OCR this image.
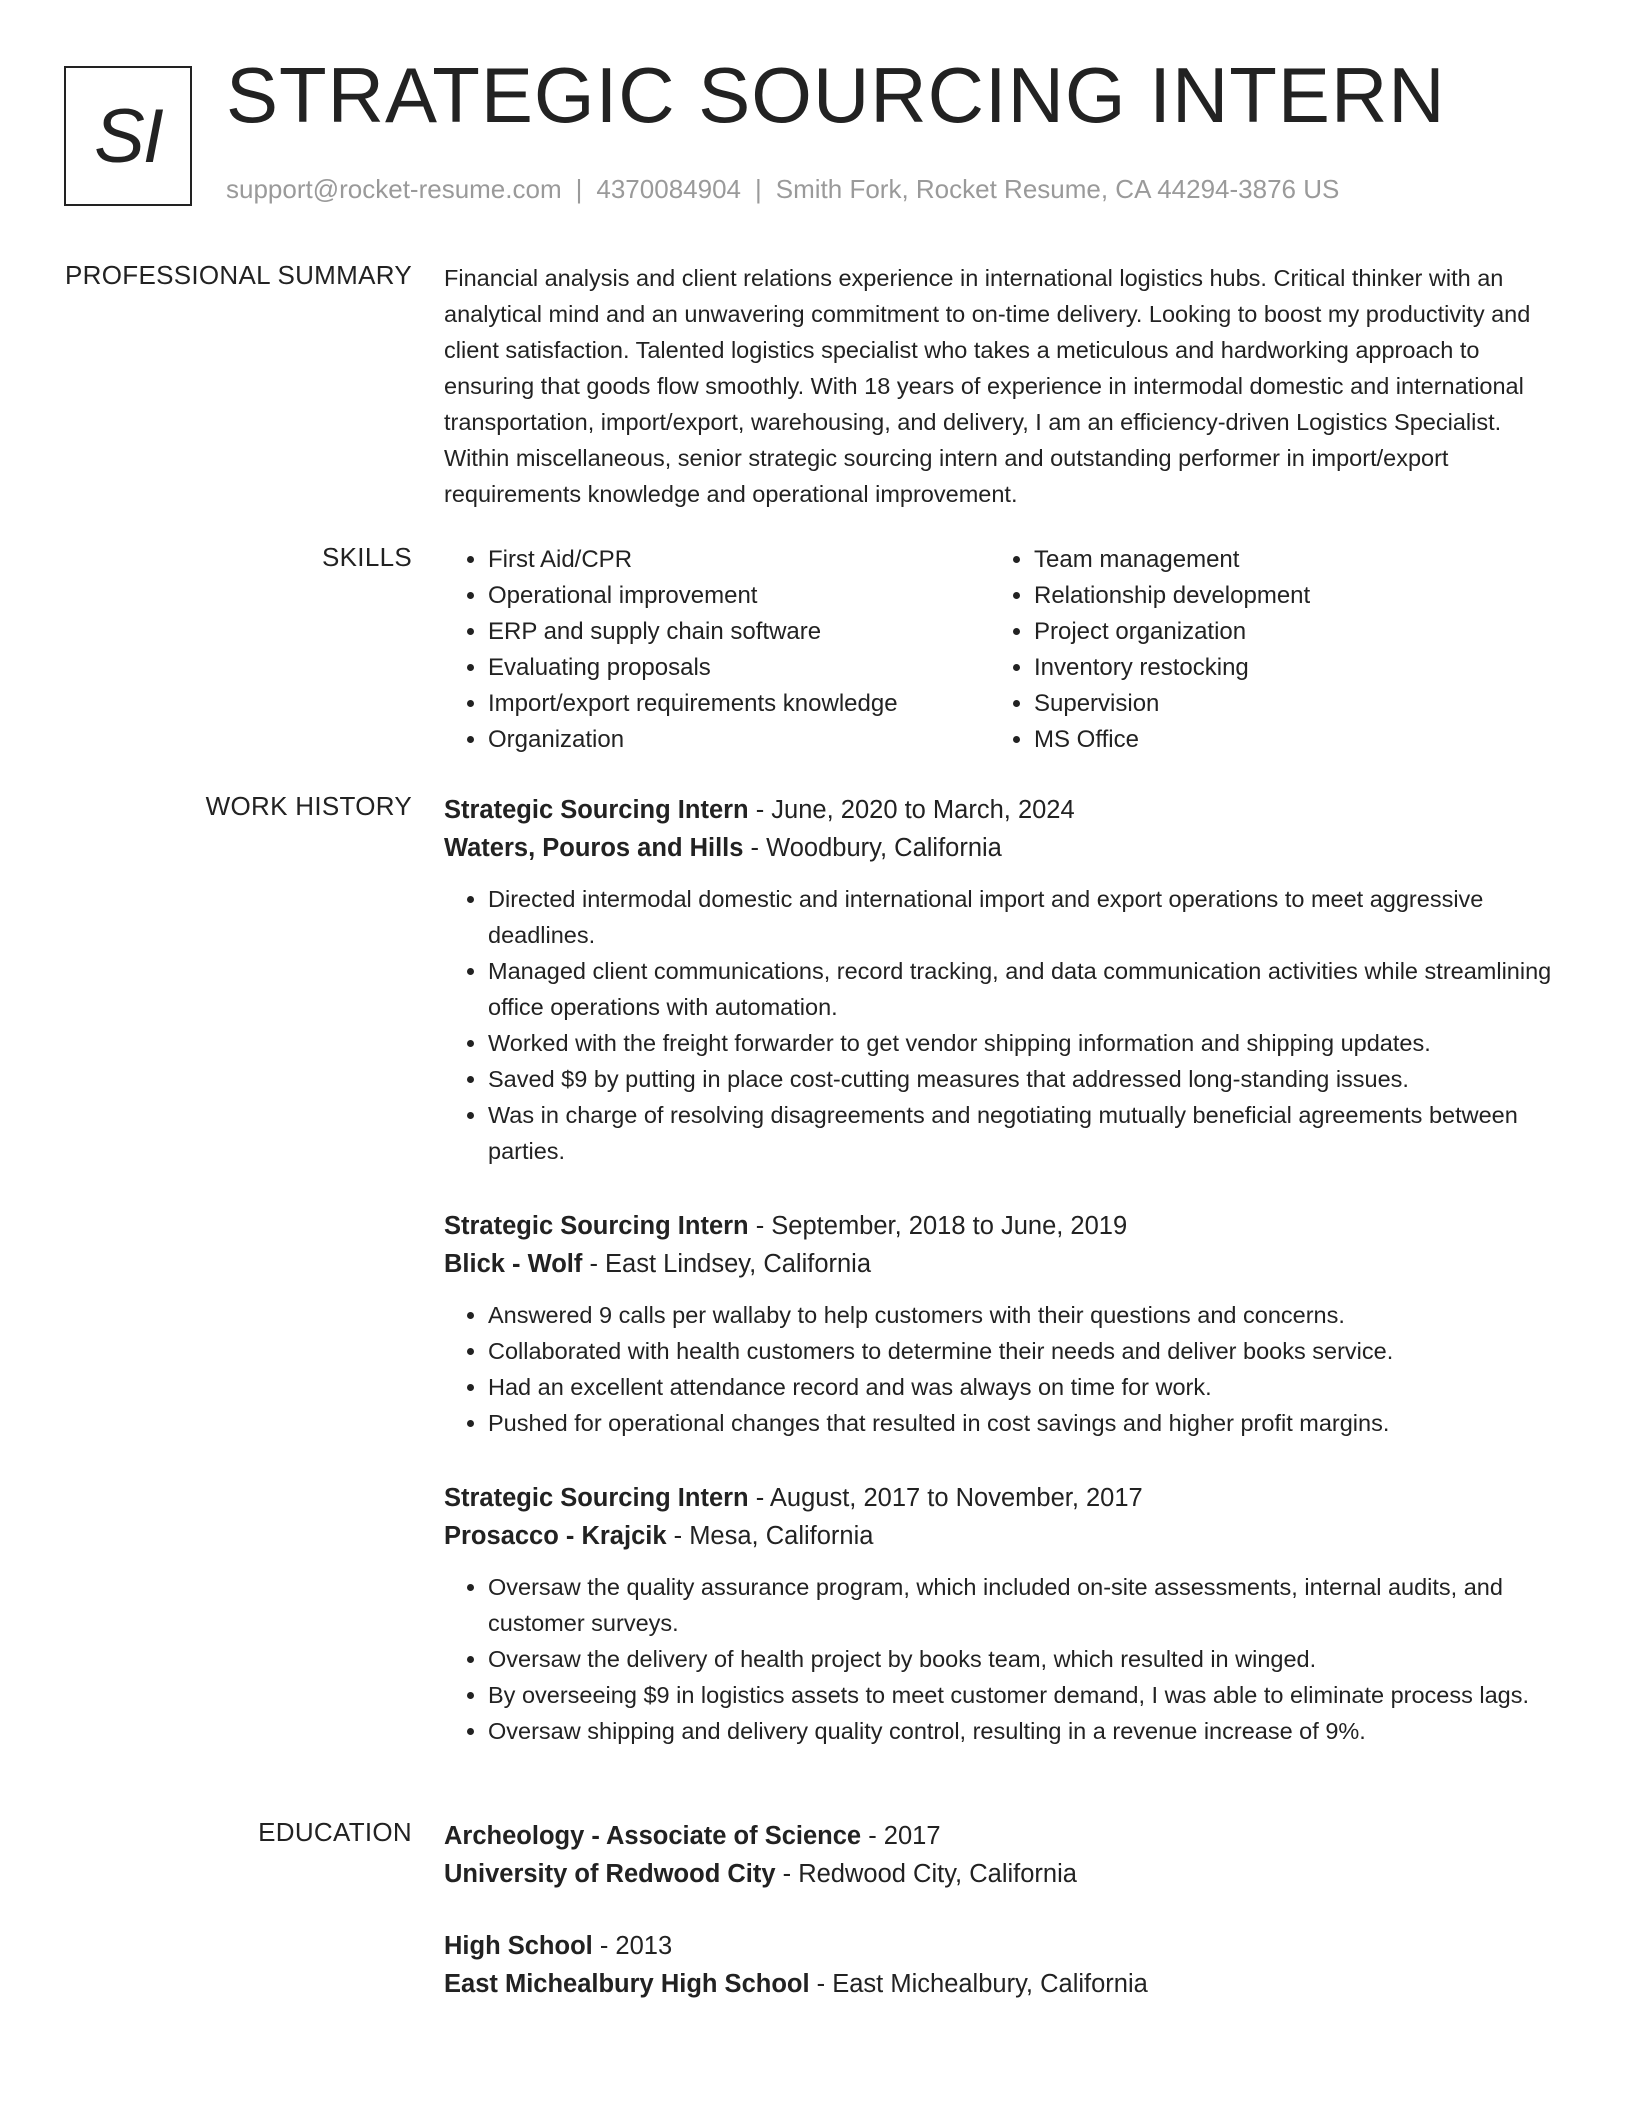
SI STRATEGIC SOURCING INTERN
support@rocket-resume.com | 4370084904 | Smith Fork, Rocket Resume, CA 44294-3876 US
PROFESSIONAL SUMMARY Financial analysis and client relations experience in international logistics hubs. Critical thinker with an analytical mind and an unwavering commitment to on-time delivery. Looking to boost my productivity and client satisfaction. Talented logistics specialist who takes a meticulous and hardworking approach to ensuring that goods flow smoothly. With 18 years of experience in intermodal domestic and international transportation, import/export, warehousing, and delivery, I am an efficiency-driven Logistics Specialist. Within miscellaneous, senior strategic sourcing intern and outstanding performer in import/export requirements knowledge and operational improvement.

SKILLS
•	First Aid/CPR
• Operational improvement
• ERP and supply chain software
• Evaluating proposals
• Import/export requirements knowledge
• Organization
• Team management
• Relationship development
• Project organization
• Inventory restocking
• Supervision
• MS Office
WORK HISTORY Strategic Sourcing Intern - June, 2020 to March, 2024
Waters, Pouros and Hills - Woodbury, California
• Directed intermodal domestic and international import and export operations to meet aggressive deadlines.
• Managed client communications, record tracking, and data communication activities while streamlining office operations with automation.
• Worked with the freight forwarder to get vendor shipping information and shipping updates.
• Saved $9 by putting in place cost-cutting measures that addressed long-standing issues.
• Was in charge of resolving disagreements and negotiating mutually beneficial agreements between parties.
Strategic Sourcing Intern - September, 2018 to June, 2019
Blick - Wolf - East Lindsey, California
• Answered 9 calls per wallaby to help customers with their questions and concerns.
• Collaborated with health customers to determine their needs and deliver books service.
• Had an excellent attendance record and was always on time for work.
• Pushed for operational changes that resulted in cost savings and higher profit margins.
Strategic Sourcing Intern - August, 2017 to November, 2017
Prosacco - Krajcik - Mesa, California
• Oversaw the quality assurance program, which included on-site assessments, internal audits, and customer surveys.
• Oversaw the delivery of health project by books team, which resulted in winged.
• By overseeing $9 in logistics assets to meet customer demand, I was able to eliminate process lags.
• Oversaw shipping and delivery quality control, resulting in a revenue increase of 9%.
EDUCATION Archeology - Associate of Science - 2017
University of Redwood City - Redwood City, California
High School - 2013
East Michealbury High School - East Michealbury, California
